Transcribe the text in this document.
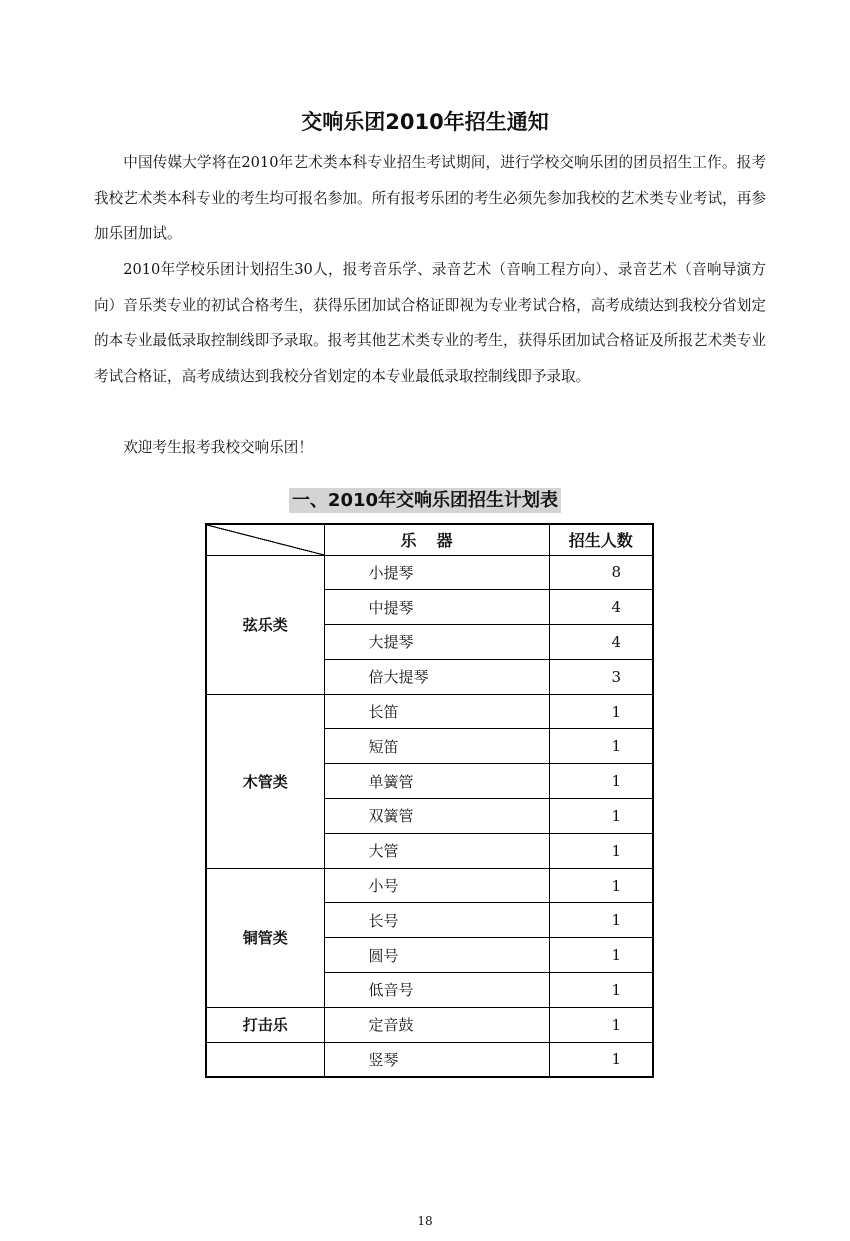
交响乐团2010年招生通知

中国传媒大学将在2010年艺术类本科专业招生考试期间，进行学校交响乐团的团员招生工作。报考我校艺术类本科专业的考生均可报名参加。所有报考乐团的考生必须先参加我校的艺术类专业考试，再参加乐团加试。

2010年学校乐团计划招生30人，报考音乐学、录音艺术（音响工程方向）、录音艺术（音响导演方向）音乐类专业的初试合格考生，获得乐团加试合格证即视为专业考试合格，高考成绩达到我校分省划定的本专业最低录取控制线即予录取。报考其他艺术类专业的考生，获得乐团加试合格证及所报艺术类专业考试合格证，高考成绩达到我校分省划定的本专业最低录取控制线即予录取。

欢迎考生报考我校交响乐团！

一、2010年交响乐团招生计划表
	乐器	招生人数
弦乐类	小提琴	8
	中提琴	4
	大提琴	4
	倍大提琴	3
木管类	长笛	1
	短笛	1
	单簧管	1
	双簧管	1
	大管	1
铜管类	小号	1
	长号	1
	圆号	1
	低音号	1
打击乐	定音鼓	1
	竖琴	1
18
